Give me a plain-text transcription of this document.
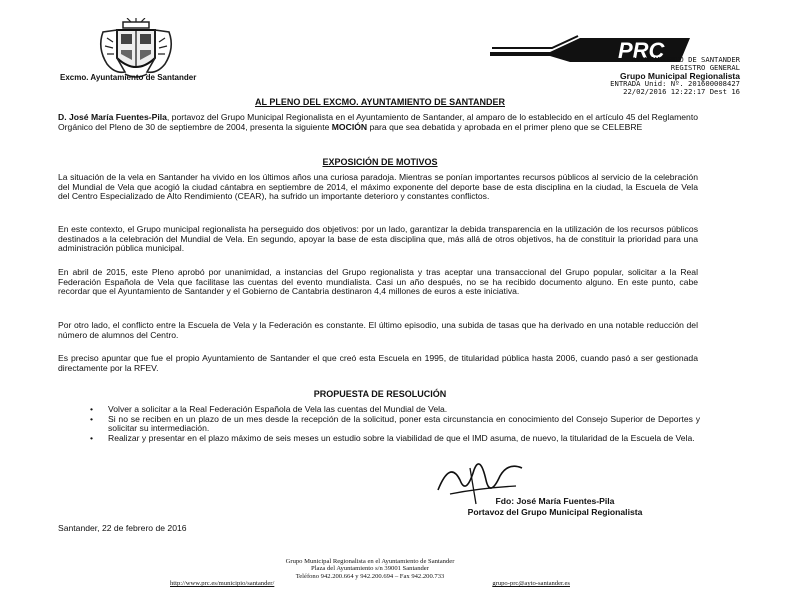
Excmo. Ayuntamiento de Santander
PRC
AYUNTAMIENTO DE SANTANDER
REGISTRO GENERAL
Grupo Municipal Regionalista
ENTRADA Unid: Nº. 201600008427
22/02/2016 12:22:17 Dest 16
AL PLENO DEL EXCMO. AYUNTAMIENTO DE SANTANDER
D. José María Fuentes-Pila, portavoz del Grupo Municipal Regionalista en el Ayuntamiento de Santander, al amparo de lo establecido en el artículo 45 del Reglamento Orgánico del Pleno de 30 de septiembre de 2004, presenta la siguiente MOCIÓN para que sea debatida y aprobada en el primer pleno que se CELEBRE
EXPOSICIÓN DE MOTIVOS
La situación de la vela en Santander ha vivido en los últimos años una curiosa paradoja. Mientras se ponían importantes recursos públicos al servicio de la celebración del Mundial de Vela que acogió la ciudad cántabra en septiembre de 2014, el máximo exponente del deporte base de esta disciplina en la ciudad, la Escuela de Vela del Centro Especializado de Alto Rendimiento (CEAR), ha sufrido un importante deterioro y constantes conflictos.
En este contexto, el Grupo municipal regionalista ha perseguido dos objetivos: por un lado, garantizar la debida transparencia en la utilización de los recursos públicos destinados a la celebración del Mundial de Vela. En segundo, apoyar la base de esta disciplina que, más allá de otros objetivos, ha de constituir la prioridad para una administración pública municipal.
En abril de 2015, este Pleno aprobó por unanimidad, a instancias del Grupo regionalista y tras aceptar una transaccional del Grupo popular, solicitar a la Real Federación Española de Vela que facilitase las cuentas del evento mundialista. Casi un año después, no se ha recibido documento alguno. En este punto, cabe recordar que el Ayuntamiento de Santander y el Gobierno de Cantabria destinaron 4,4 millones de euros a este iniciativa.
Por otro lado, el conflicto entre la Escuela de Vela y la Federación es constante. El último episodio, una subida de tasas que ha derivado en una notable reducción del número de alumnos del Centro.
Es preciso apuntar que fue el propio Ayuntamiento de Santander el que creó esta Escuela en 1995, de titularidad pública hasta 2006, cuando pasó a ser gestionada directamente por la RFEV.
PROPUESTA DE RESOLUCIÓN
• Volver a solicitar a la Real Federación Española de Vela las cuentas del Mundial de Vela.
• Si no se reciben en un plazo de un mes desde la recepción de la solicitud, poner esta circunstancia en conocimiento del Consejo Superior de Deportes y solicitar su intermediación.
• Realizar y presentar en el plazo máximo de seis meses un estudio sobre la viabilidad de que el IMD asuma, de nuevo, la titularidad de la Escuela de Vela.
Fdo: José María Fuentes-Pila
Portavoz del Grupo Municipal Regionalista
Santander, 22 de febrero de 2016
Grupo Municipal Regionalista en el Ayuntamiento de Santander
Plaza del Ayuntamiento s/n 39001 Santander
Teléfono 942.200.664 y 942.200.694 – Fax 942.200.733
http://www.prc.es/municipio/santander/	grupo-prc@ayto-santander.es
